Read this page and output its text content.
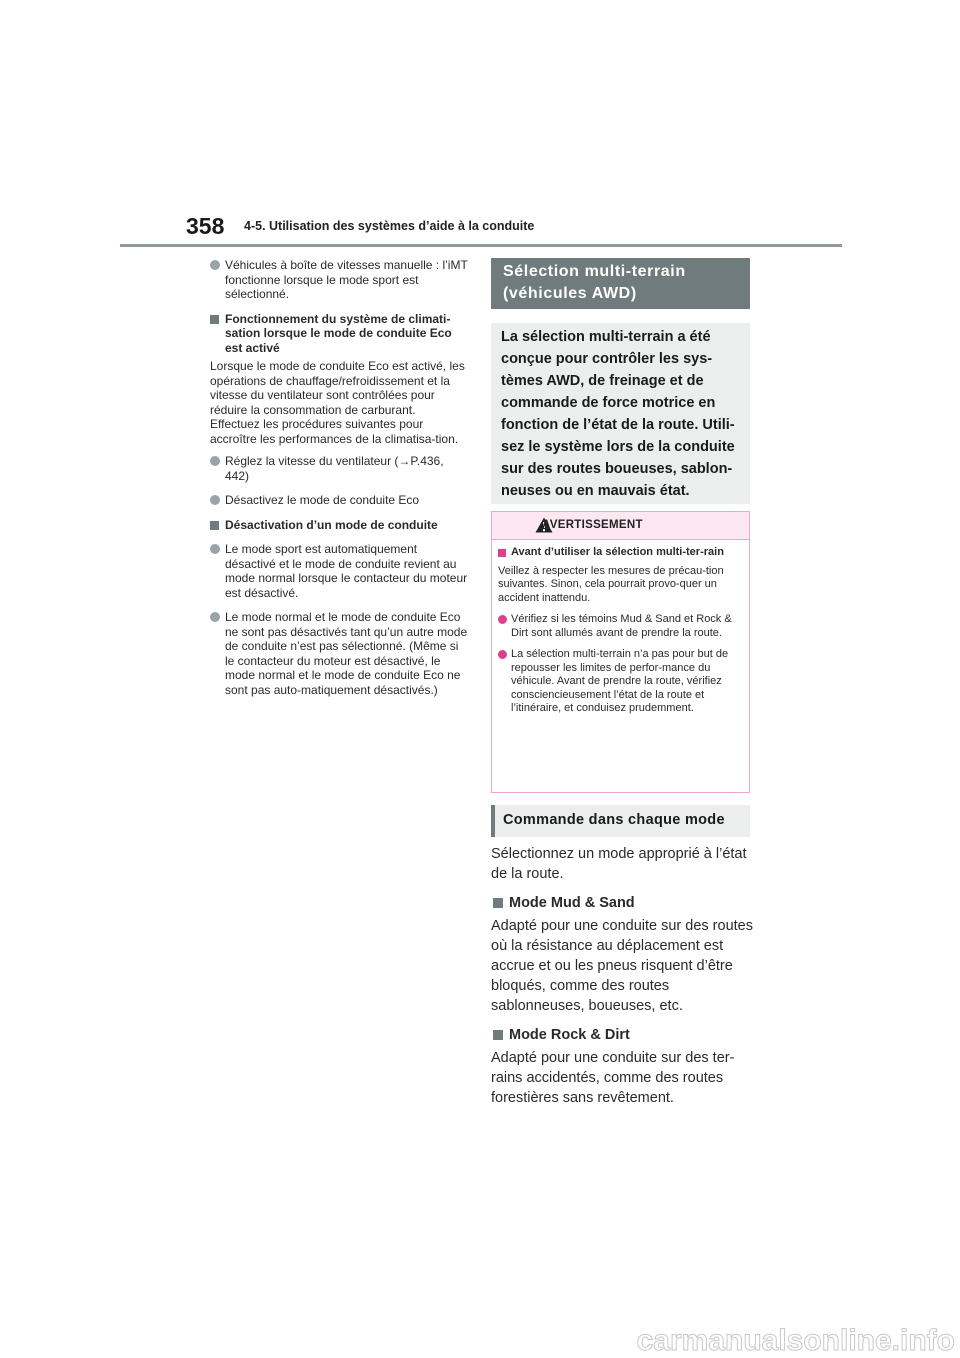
358 4-5. Utilisation des systèmes d’aide à la conduite
Véhicules à boîte de vitesses manuelle : l’iMT fonctionne lorsque le mode sport est sélectionné.
Fonctionnement du système de climati-sation lorsque le mode de conduite Eco est activé
Lorsque le mode de conduite Eco est activé, les opérations de chauffage/refroidissement et la vitesse du ventilateur sont contrôlées pour réduire la consommation de carburant. Effectuez les procédures suivantes pour accroître les performances de la climatisa-tion.
Réglez la vitesse du ventilateur (→P.436, 442)
Désactivez le mode de conduite Eco
Désactivation d’un mode de conduite
Le mode sport est automatiquement désactivé et le mode de conduite revient au mode normal lorsque le contacteur du moteur est désactivé.
Le mode normal et le mode de conduite Eco ne sont pas désactivés tant qu’un autre mode de conduite n’est pas sélectionné. (Même si le contacteur du moteur est désactivé, le mode normal et le mode de conduite Eco ne sont pas auto-matiquement désactivés.)
Sélection multi-terrain (véhicules AWD)
La sélection multi-terrain a été conçue pour contrôler les sys-tèmes AWD, de freinage et de commande de force motrice en fonction de l’état de la route. Utili-sez le système lors de la conduite sur des routes boueuses, sablon-neuses ou en mauvais état.
AVERTISSEMENT
Avant d’utiliser la sélection multi-ter-rain
Veillez à respecter les mesures de précau-tion suivantes. Sinon, cela pourrait provo-quer un accident inattendu.
Vérifiez si les témoins Mud & Sand et Rock & Dirt sont allumés avant de prendre la route.
La sélection multi-terrain n’a pas pour but de repousser les limites de perfor-mance du véhicule. Avant de prendre la route, vérifiez consciencieusement l’état de la route et l’itinéraire, et conduisez prudemment.
Commande dans chaque mode
Sélectionnez un mode approprié à l’état de la route.
Mode Mud & Sand
Adapté pour une conduite sur des routes où la résistance au déplacement est accrue et ou les pneus risquent d’être bloqués, comme des routes sablonneuses, boueuses, etc.
Mode Rock & Dirt
Adapté pour une conduite sur des ter-rains accidentés, comme des routes forestières sans revêtement.
carmanualsonline.info
